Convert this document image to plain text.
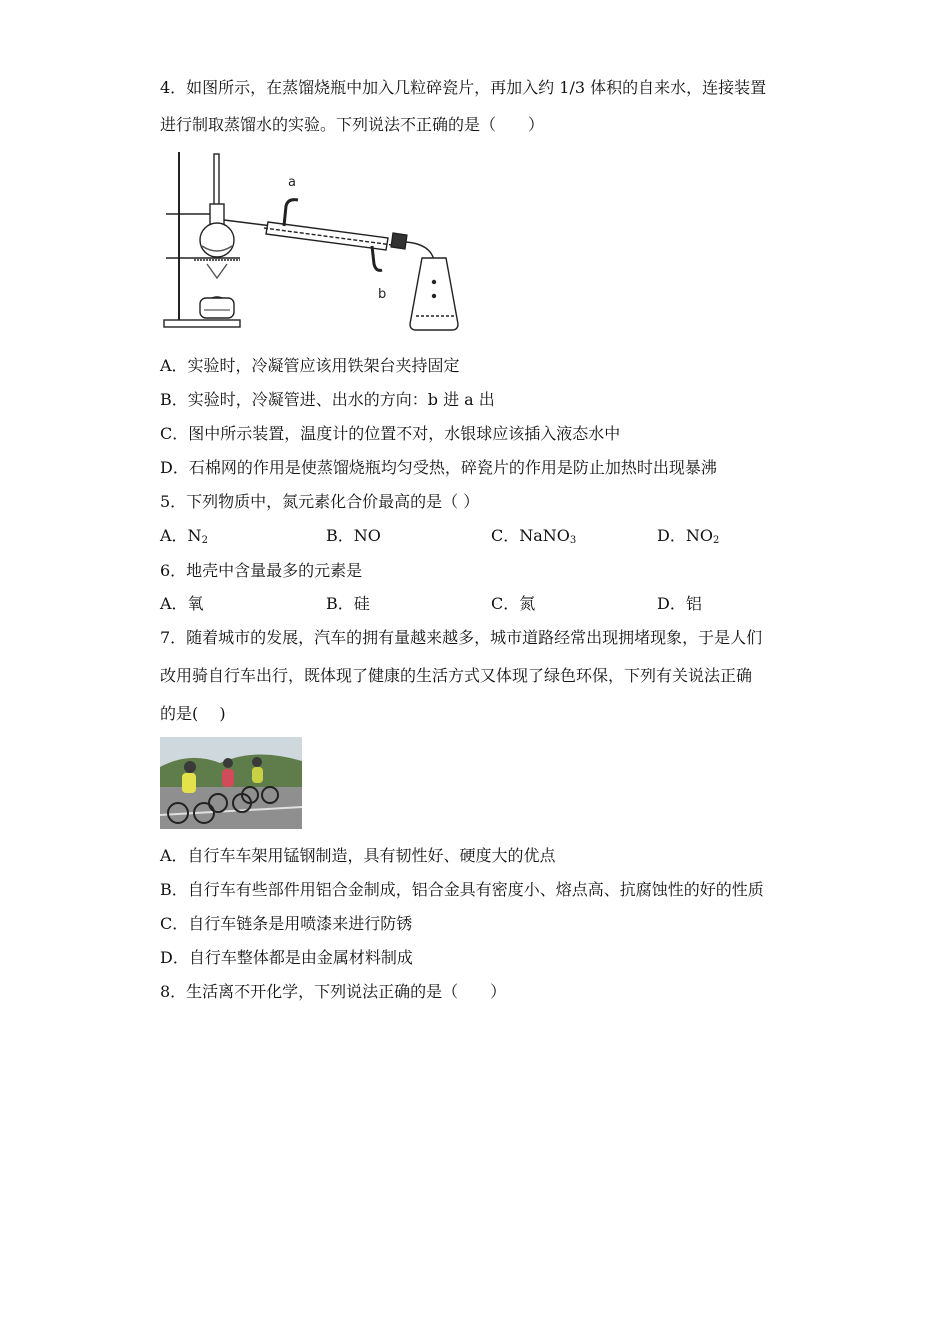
4．如图所示，在蒸馏烧瓶中加入几粒碎瓷片，再加入约 1/3 体积的自来水，连接装置
进行制取蒸馏水的实验。下列说法不正确的是（　　）
a
b
A．实验时，冷凝管应该用铁架台夹持固定
B．实验时，冷凝管进、出水的方向：b 进 a 出
C．图中所示装置，温度计的位置不对，水银球应该插入液态水中
D．石棉网的作用是使蒸馏烧瓶均匀受热，碎瓷片的作用是防止加热时出现暴沸
5．下列物质中，氮元素化合价最高的是（ ）
A．$N_2$	B．NO	C．NaNO$_3$	D．$NO_2$
6．地壳中含量最多的元素是
A．氧	B．硅	C．氮	D．铝
7．随着城市的发展，汽车的拥有量越来越多，城市道路经常出现拥堵现象，于是人们
改用骑自行车出行，既体现了健康的生活方式又体现了绿色环保，下列有关说法正确
的是(　 )
A．自行车车架用锰钢制造，具有韧性好、硬度大的优点
B．自行车有些部件用铝合金制成，铝合金具有密度小、熔点高、抗腐蚀性的好的性质
C．自行车链条是用喷漆来进行防锈
D．自行车整体都是由金属材料制成
8．生活离不开化学，下列说法正确的是（　　）
